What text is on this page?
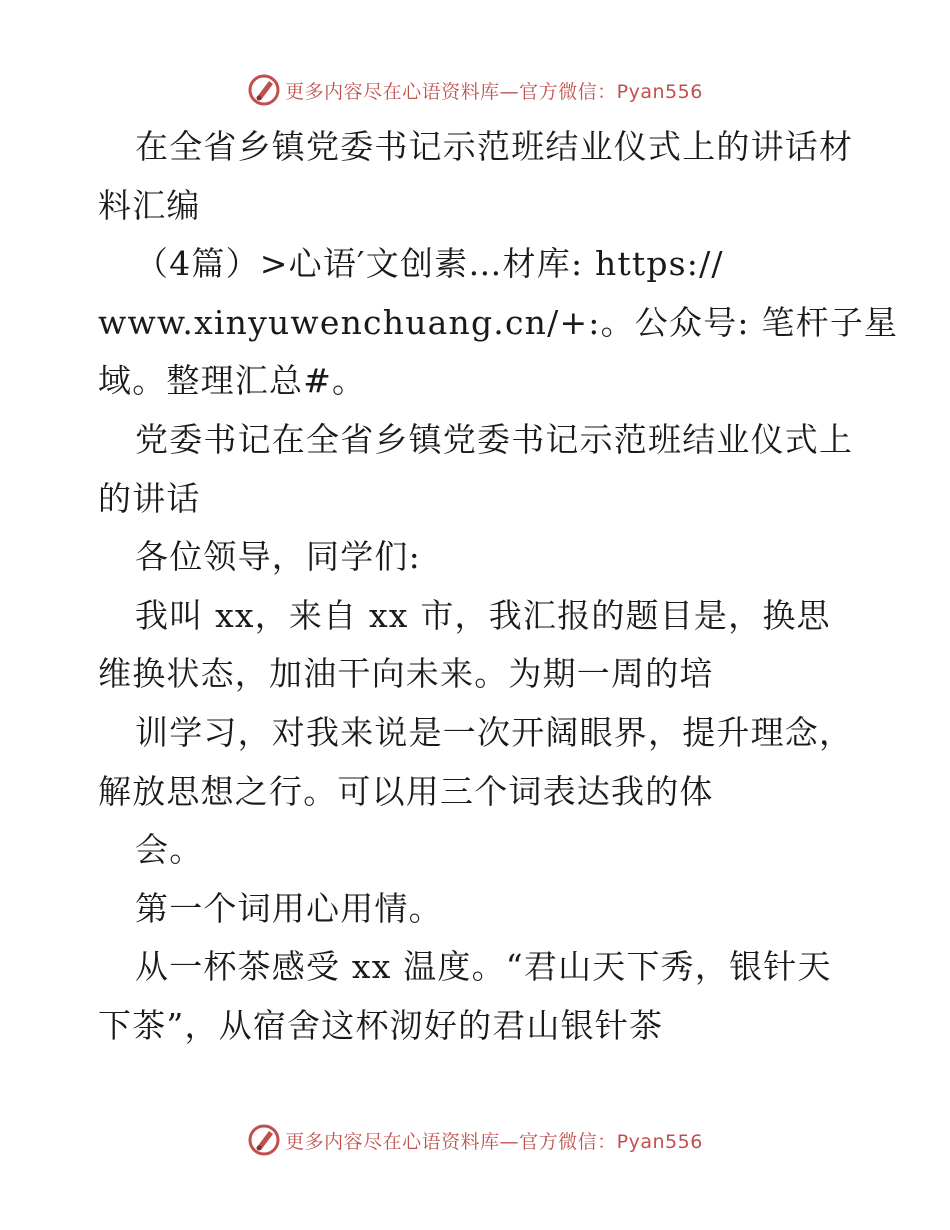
更多内容尽在心语资料库—官方微信：Pyan556
在全省乡镇党委书记示范班结业仪式上的讲话材
料汇编
（4篇）>心语′文创素…材库: https://
www.xinyuwenchuang.cn/+:。公众号: 笔杆子星
域。整理汇总#。
党委书记在全省乡镇党委书记示范班结业仪式上
的讲话
各位领导，同学们:
我叫 xx，来自 xx 市，我汇报的题目是，换思
维换状态，加油干向未来。为期一周的培
训学习，对我来说是一次开阔眼界，提升理念，
解放思想之行。可以用三个词表达我的体
会。
第一个词用心用情。
从一杯茶感受 xx 温度。“君山天下秀，银针天
下茶”，从宿舍这杯沏好的君山银针茶
更多内容尽在心语资料库—官方微信：Pyan556
